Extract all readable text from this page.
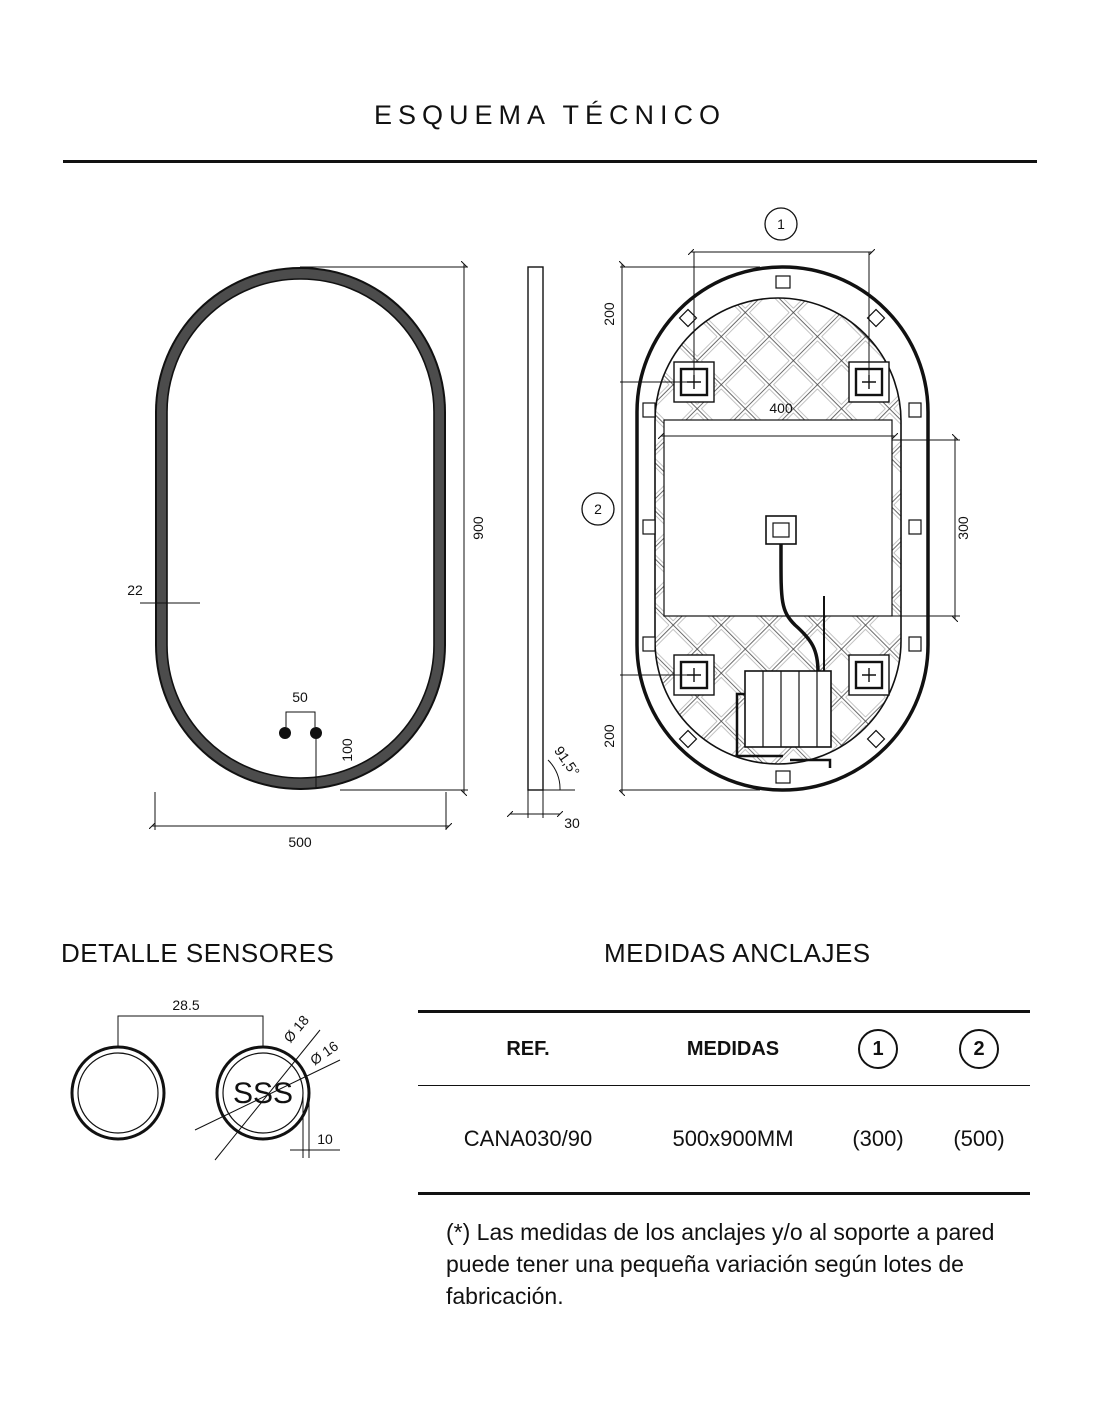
ESQUEMA TÉCNICO
50
100
22
500
900
30
91,5°
1
200
200
2
400
300
28.5
SSS
Ø 18
Ø 16
10
DETALLE SENSORES	MEDIDAS ANCLAJES
REF.	MEDIDAS	1	2
CANA030/90	500x900MM	(300)	(500)
(*) Las medidas de los anclajes y/o al soporte a pared puede tener una pequeña variación según lotes de fabricación.
